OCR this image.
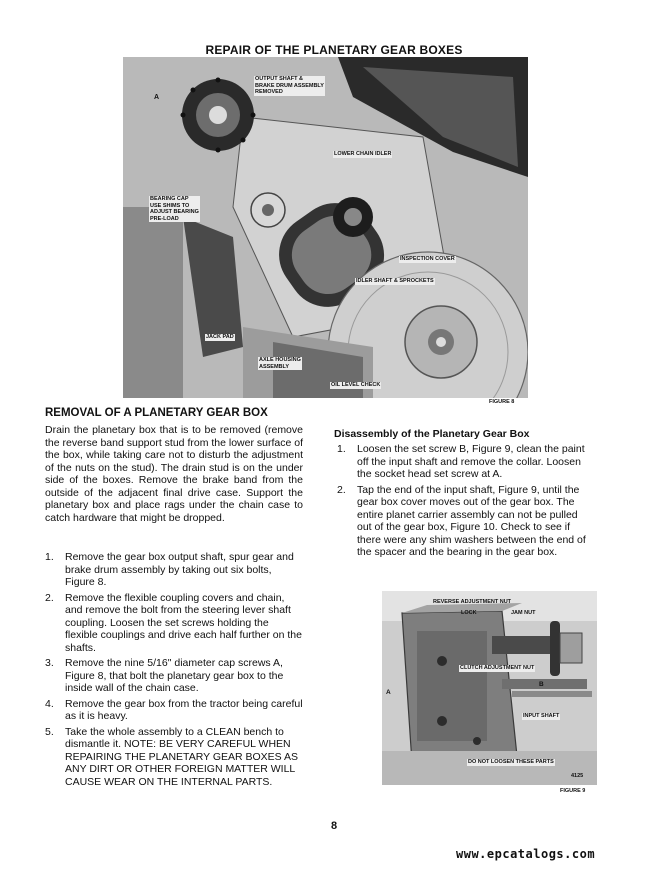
REPAIR OF THE PLANETARY GEAR BOXES
OUTPUT SHAFT &
BRAKE DRUM ASSEMBLY
REMOVED
A
LOWER CHAIN IDLER
BEARING CAP
USE SHIMS TO
ADJUST BEARING
PRE-LOAD
INSPECTION COVER
IDLER SHAFT & SPROCKETS
JACK PAD
AXLE HOUSING
ASSEMBLY
OIL LEVEL CHECK
FIGURE 8
REMOVAL OF A PLANETARY GEAR BOX
Drain the planetary box that is to be removed (remove the reverse band support stud from the lower surface of the box, while taking care not to disturb the adjustment of the nuts on the stud). The drain stud is on the under side of the boxes. Remove the brake band from the outside of the adjacent final drive case. Support the planetary box and place rags under the chain case to catch hardware that might be dropped.
1. Remove the gear box output shaft, spur gear and brake drum assembly by taking out six bolts, Figure 8.
2. Remove the flexible coupling covers and chain, and remove the bolt from the steering lever shaft coupling. Loosen the set screws holding the flexible couplings and drive each half further on the shafts.
3. Remove the nine 5/16" diameter cap screws A, Figure 8, that bolt the planetary gear box to the inside wall of the chain case.
4. Remove the gear box from the tractor being careful as it is heavy.
5. Take the whole assembly to a CLEAN bench to dismantle it. NOTE: BE VERY CAREFUL WHEN REPAIRING THE PLANETARY GEAR BOXES AS ANY DIRT OR OTHER FOREIGN MATTER WILL CAUSE WEAR ON THE INTERNAL PARTS.
Disassembly of the Planetary Gear Box
1. Loosen the set screw B, Figure 9, clean the paint off the input shaft and remove the collar. Loosen the socket head set screw at A.
2. Tap the end of the input shaft, Figure 9, until the gear box cover moves out of the gear box. The entire planet carrier assembly can not be pulled out of the gear box, Figure 10. Check to see if there were any shim washers between the end of the spacer and the bearing in the gear box.
REVERSE ADJUSTMENT NUT
LOCK	JAM NUT
CLUTCH ADJUSTMENT NUT
B
A
INPUT SHAFT
DO NOT LOOSEN THESE PARTS
4125
FIGURE 9
8
www.epcatalogs.com
